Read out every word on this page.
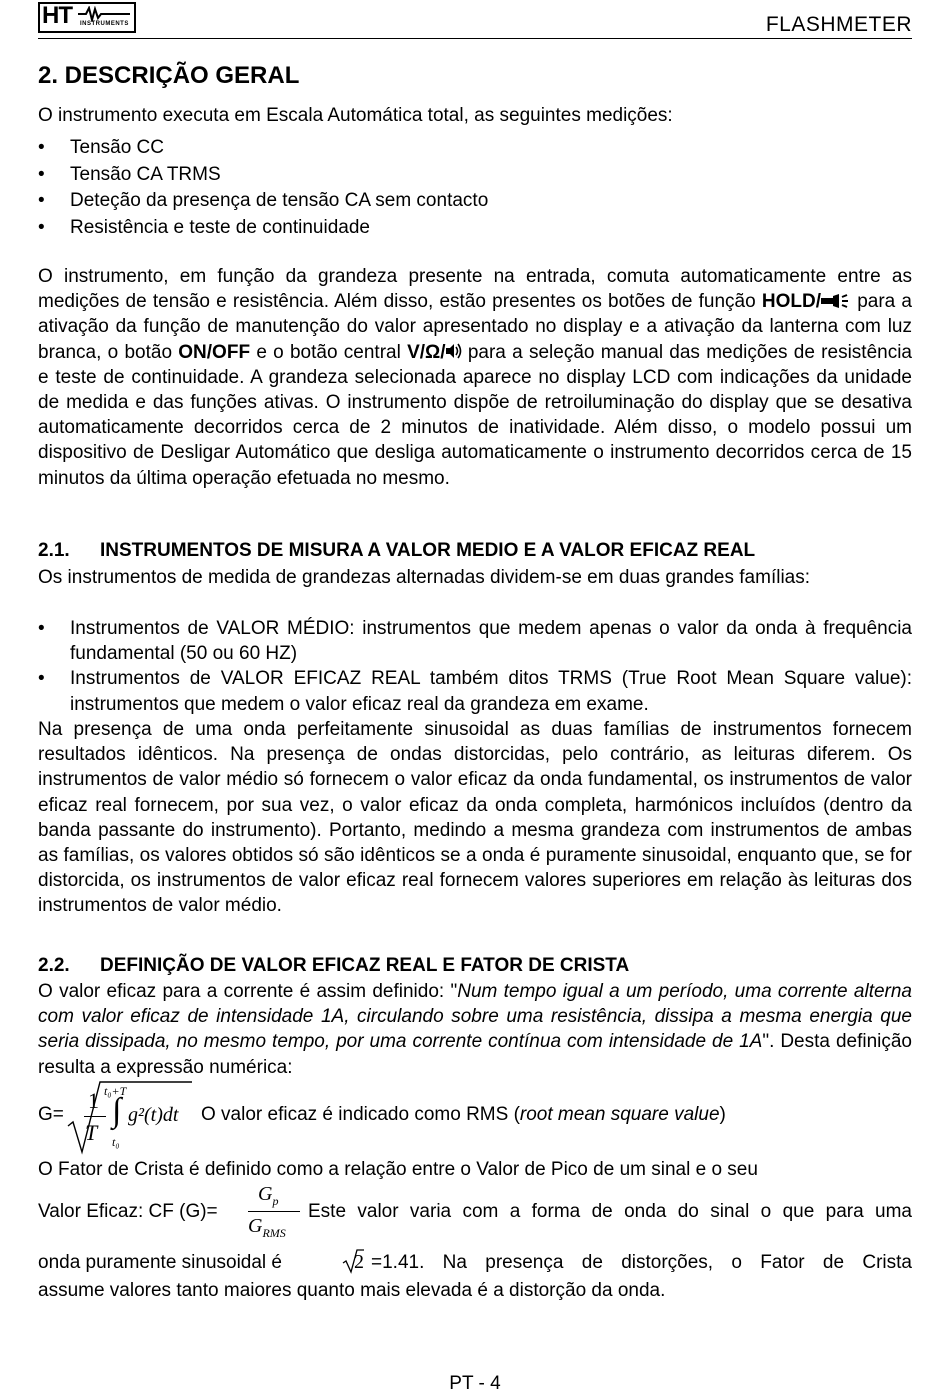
HT INSTRUMENTS	FLASHMETER
2. DESCRIÇÃO GERAL

O instrumento executa em Escala Automática total, as seguintes medições:

• Tensão CC
• Tensão CA TRMS
• Deteção da presença de tensão CA sem contacto
• Resistência e teste de continuidade

O instrumento, em função da grandeza presente na entrada, comuta automaticamente entre as medições de tensão e resistência. Além disso, estão presentes os botões de função HOLD/ para a ativação da função de manutenção do valor apresentado no display e a ativação da lanterna com luz branca, o botão ON/OFF e o botão central V/Ω/ para a seleção manual das medições de resistência e teste de continuidade. A grandeza selecionada aparece no display LCD com indicações da unidade de medida e das funções ativas. O instrumento dispõe de retroiluminação do display que se desativa automaticamente decorridos cerca de 2 minutos de inatividade. Além disso, o modelo possui um dispositivo de Desligar Automático que desliga automaticamente o instrumento decorridos cerca de 15 minutos da última operação efetuada no mesmo.

2.1. INSTRUMENTOS DE MISURA A VALOR MEDIO E A VALOR EFICAZ REAL

Os instrumentos de medida de grandezas alternadas dividem-se em duas grandes famílias:

• Instrumentos de VALOR MÉDIO: instrumentos que medem apenas o valor da onda à frequência fundamental (50 ou 60 HZ)
• Instrumentos de VALOR EFICAZ REAL também ditos TRMS (True Root Mean Square value): instrumentos que medem o valor eficaz real da grandeza em exame.

Na presença de uma onda perfeitamente sinusoidal as duas famílias de instrumentos fornecem resultados idênticos. Na presença de ondas distorcidas, pelo contrário, as leituras diferem. Os instrumentos de valor médio só fornecem o valor eficaz da onda fundamental, os instrumentos de valor eficaz real fornecem, por sua vez, o valor eficaz da onda completa, harmónicos incluídos (dentro da banda passante do instrumento). Portanto, medindo a mesma grandeza com instrumentos de ambas as famílias, os valores obtidos só são idênticos se a onda é puramente sinusoidal, enquanto que, se for distorcida, os instrumentos de valor eficaz real fornecem valores superiores em relação às leituras dos instrumentos de valor médio.

2.2. DEFINIÇÃO DE VALOR EFICAZ REAL E FATOR DE CRISTA

O valor eficaz para a corrente é assim definido: "Num tempo igual a um período, uma corrente alterna com valor eficaz de intensidade 1A, circulando sobre uma resistência, dissipa a mesma energia que seria dissipada, no mesmo tempo, por uma corrente contínua com intensidade de 1A". Desta definição resulta a expressão numérica:

G=
1
T
t₀+T
∫
t₀
g²(t)dt O valor eficaz é indicado como RMS (root mean square value)

O Fator de Crista é definido como a relação entre o Valor de Pico de um sinal e o seu

Valor Eficaz: CF (G)=
$G_p$
$G_{RMS}$
Este valor varia com a forma de onda do sinal o que para uma
onda puramente sinusoidal é	2 =1.41. Na presença de distorções, o Fator de Crista

assume valores tanto maiores quanto mais elevada é a distorção da onda.

PT - 4
